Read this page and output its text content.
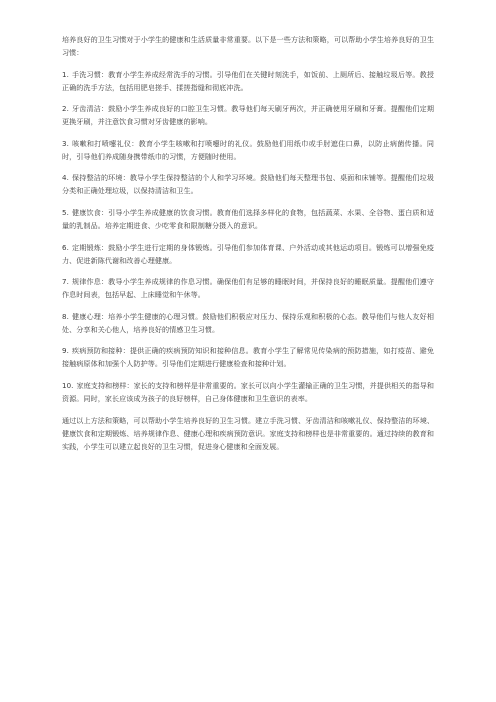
培养良好的卫生习惯对于小学生的健康和生活质量非常重要。以下是一些方法和策略，可以帮助小学生培养良好的卫生习惯：

1. 手洗习惯：教育小学生养成经常洗手的习惯。引导他们在关键时刻洗手，如饭前、上厕所后、接触垃圾后等。教授正确的洗手方法，包括用肥皂搓手、揉搓指缝和彻底冲洗。

2. 牙齿清洁：鼓励小学生养成良好的口腔卫生习惯。教导他们每天刷牙两次，并正确使用牙刷和牙膏。提醒他们定期更换牙刷，并注意饮食习惯对牙齿健康的影响。

3. 咳嗽和打喷嚏礼仪：教育小学生咳嗽和打喷嚏时的礼仪。鼓励他们用纸巾或手肘遮住口鼻，以防止病菌传播。同时，引导他们养成随身携带纸巾的习惯，方便随时使用。

4. 保持整洁的环境：教导小学生保持整洁的个人和学习环境。鼓励他们每天整理书包、桌面和床铺等。提醒他们垃圾分类和正确处理垃圾，以保持清洁和卫生。

5. 健康饮食：引导小学生养成健康的饮食习惯。教育他们选择多样化的食物，包括蔬菜、水果、全谷物、蛋白质和适量的乳制品。培养定期进食、少吃零食和限制糖分摄入的意识。

6. 定期锻炼：鼓励小学生进行定期的身体锻炼。引导他们参加体育课、户外活动或其他运动项目。锻炼可以增强免疫力、促进新陈代谢和改善心理健康。

7. 规律作息：教导小学生养成规律的作息习惯。确保他们有足够的睡眠时间，并保持良好的睡眠质量。提醒他们遵守作息时间表，包括早起、上床睡觉和午休等。

8. 健康心理：培养小学生健康的心理习惯。鼓励他们积极应对压力、保持乐观和积极的心态。教导他们与他人友好相处、分享和关心他人，培养良好的情感卫生习惯。

9. 疾病预防和接种：提供正确的疾病预防知识和接种信息。教育小学生了解常见传染病的预防措施，如打疫苗、避免接触病原体和加强个人防护等。引导他们定期进行健康检查和接种计划。

10. 家庭支持和榜样：家长的支持和榜样是非常重要的。家长可以向小学生灌输正确的卫生习惯，并提供相关的指导和资源。同时，家长应该成为孩子的良好榜样，自己身体健康和卫生意识的表率。

通过以上方法和策略，可以帮助小学生培养良好的卫生习惯。建立手洗习惯、牙齿清洁和咳嗽礼仪、保持整洁的环境、健康饮食和定期锻炼、培养规律作息、健康心理和疾病预防意识。家庭支持和榜样也是非常重要的。通过持续的教育和实践，小学生可以建立起良好的卫生习惯，促进身心健康和全面发展。
